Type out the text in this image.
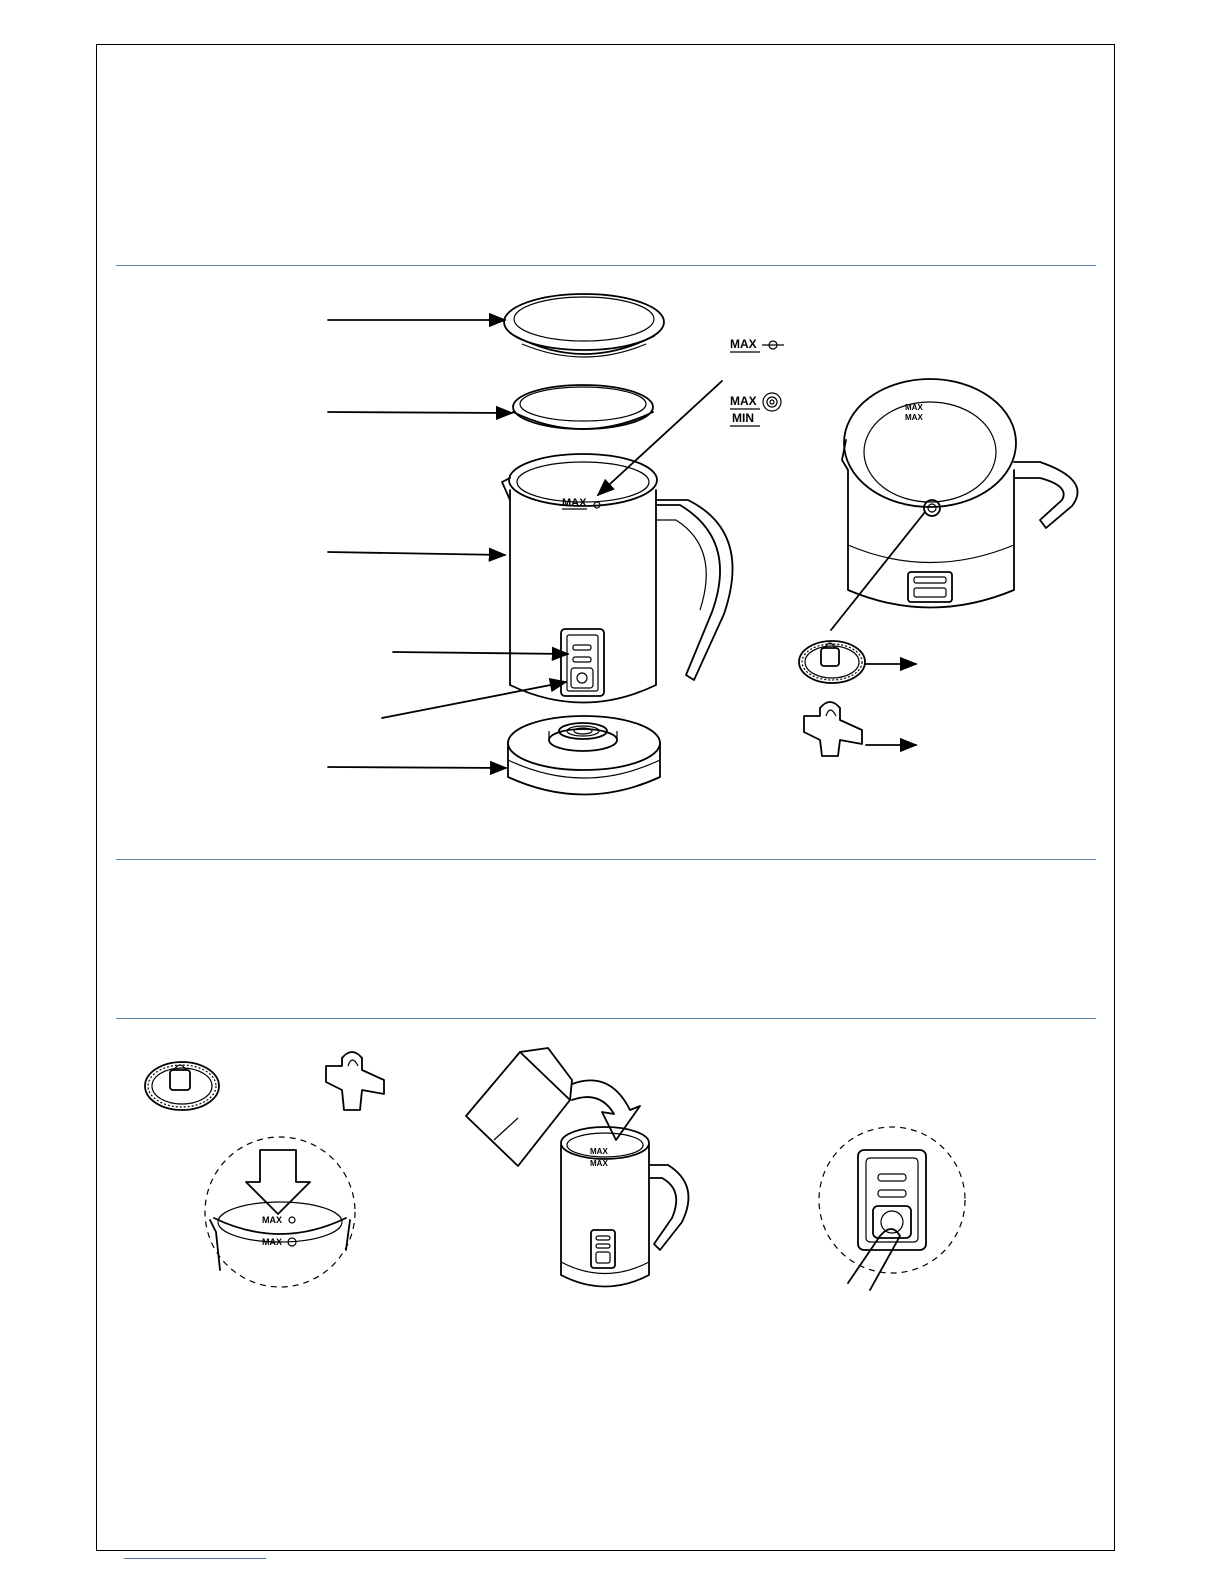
MAX
MAX
MAX
MIN
MAX
MAX
MAX
MAX
MAX
MAX
